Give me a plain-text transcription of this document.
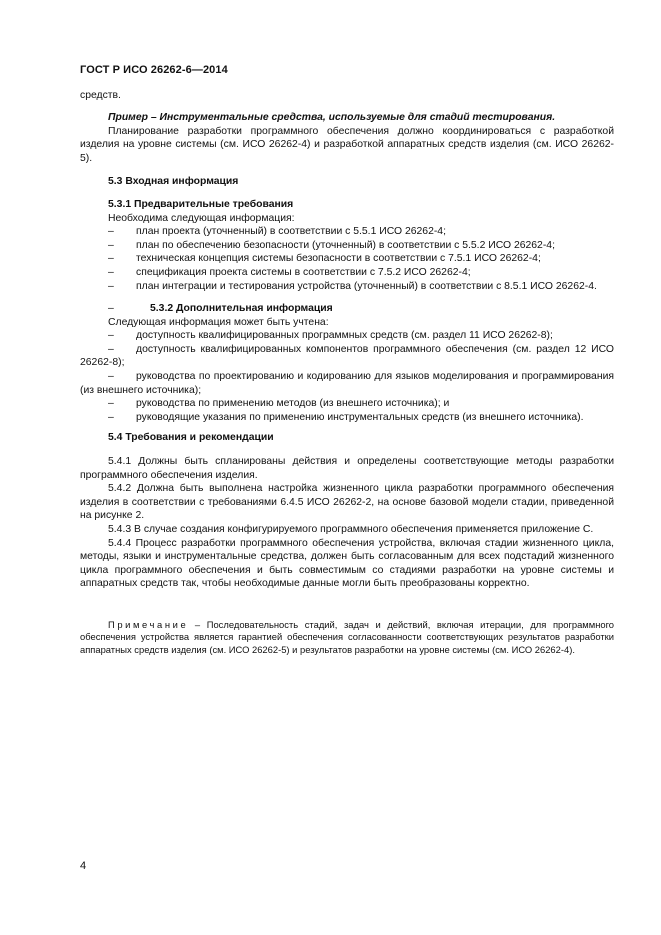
ГОСТ Р ИСО 26262-6—2014

средств.

Пример – Инструментальные средства, используемые для стадий тестирования.

Планирование разработки программного обеспечения должно координироваться с разработкой изделия на уровне системы (см. ИСО 26262-4) и разработкой аппаратных средств изделия (см. ИСО 26262-5).

5.3 Входная информация

5.3.1 Предварительные требования

Необходима следующая информация:

– план проекта (уточненный) в соответствии с 5.5.1 ИСО 26262-4;

– план по обеспечению безопасности (уточненный) в соответствии с 5.5.2 ИСО 26262-4;

– техническая концепция системы безопасности в соответствии с 7.5.1 ИСО 26262-4;

– спецификация проекта системы в соответствии с 7.5.2 ИСО 26262-4;

– план интеграции и тестирования устройства (уточненный) в соответствии с 8.5.1 ИСО 26262-4.

–	5.3.2 Дополнительная информация

Следующая информация может быть учтена:

– доступность квалифицированных программных средств (см. раздел 11 ИСО 26262-8);

– доступность квалифицированных компонентов программного обеспечения (см. раздел 12 ИСО 26262-8);

– руководства по проектированию и кодированию для языков моделирования и программирования (из внешнего источника);

– руководства по применению методов (из внешнего источника); и

– руководящие указания по применению инструментальных средств (из внешнего источника).

5.4 Требования и рекомендации

5.4.1 Должны быть спланированы действия и определены соответствующие методы разработки программного обеспечения изделия.

5.4.2 Должна быть выполнена настройка жизненного цикла разработки программного обеспечения изделия в соответствии с требованиями 6.4.5 ИСО 26262-2, на основе базовой модели стадии, приведенной на рисунке 2.

5.4.3 В случае создания конфигурируемого программного обеспечения применяется приложение С.

5.4.4 Процесс разработки программного обеспечения устройства, включая стадии жизненного цикла, методы, языки и инструментальные средства, должен быть согласованным для всех подстадий жизненного цикла программного обеспечения и быть совместимым со стадиями разработки на уровне системы и аппаратных средств так, чтобы необходимые данные могли быть преобразованы корректно.

Примечание – Последовательность стадий, задач и действий, включая итерации, для программного обеспечения устройства является гарантией обеспечения согласованности соответствующих результатов разработки аппаратных средств изделия (см. ИСО 26262-5) и результатов разработки на уровне системы (см. ИСО 26262-4).

4
